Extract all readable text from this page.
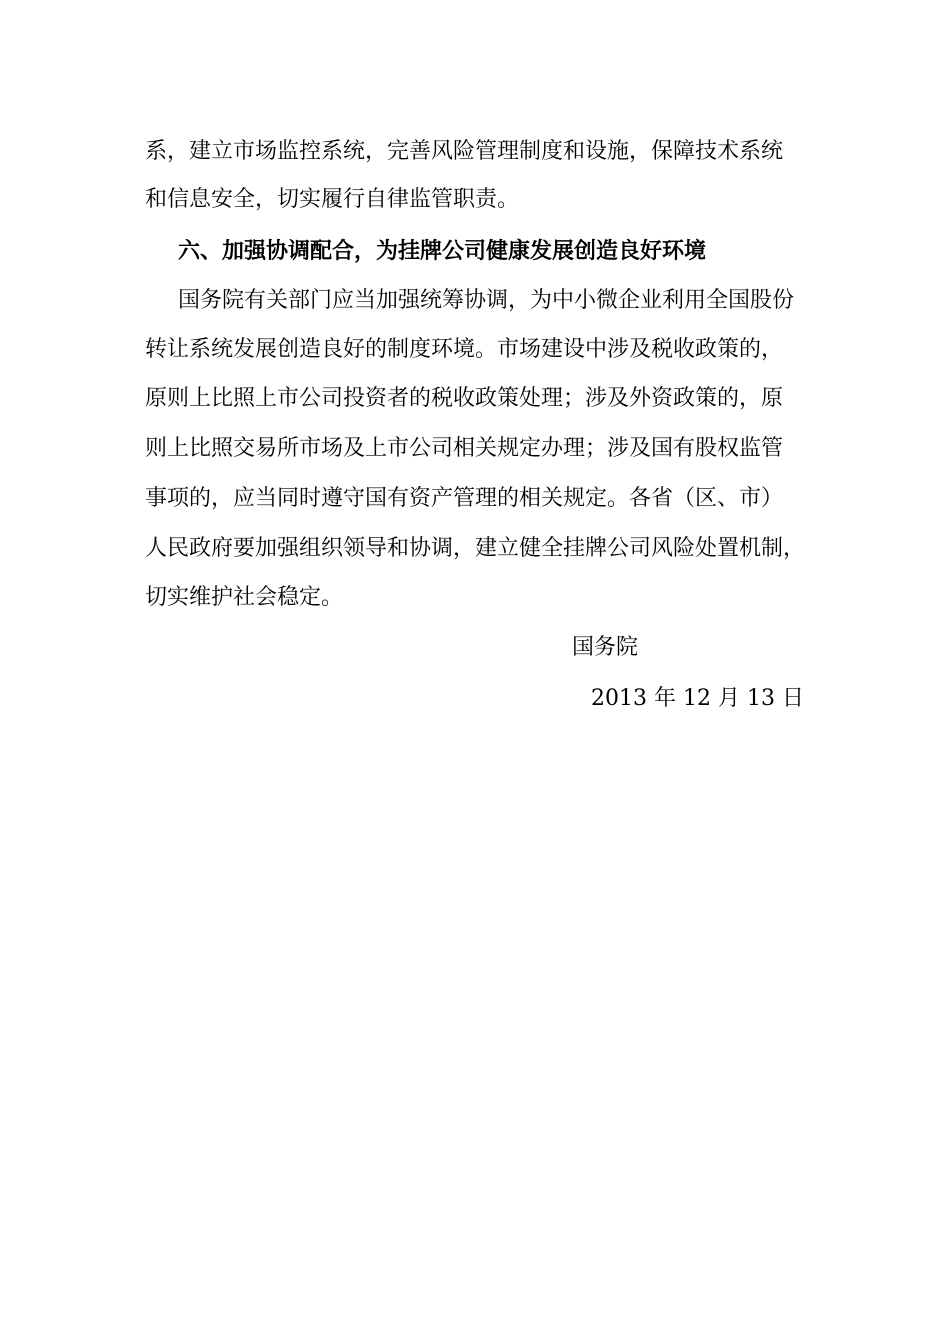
系，建立市场监控系统，完善风险管理制度和设施，保障技术系统
和信息安全，切实履行自律监管职责。
六、加强协调配合，为挂牌公司健康发展创造良好环境
国务院有关部门应当加强统筹协调，为中小微企业利用全国股份
转让系统发展创造良好的制度环境。市场建设中涉及税收政策的，
原则上比照上市公司投资者的税收政策处理；涉及外资政策的，原
则上比照交易所市场及上市公司相关规定办理；涉及国有股权监管
事项的，应当同时遵守国有资产管理的相关规定。各省（区、市）
人民政府要加强组织领导和协调，建立健全挂牌公司风险处置机制，
切实维护社会稳定。
国务院
2013 年 12 月 13 日
